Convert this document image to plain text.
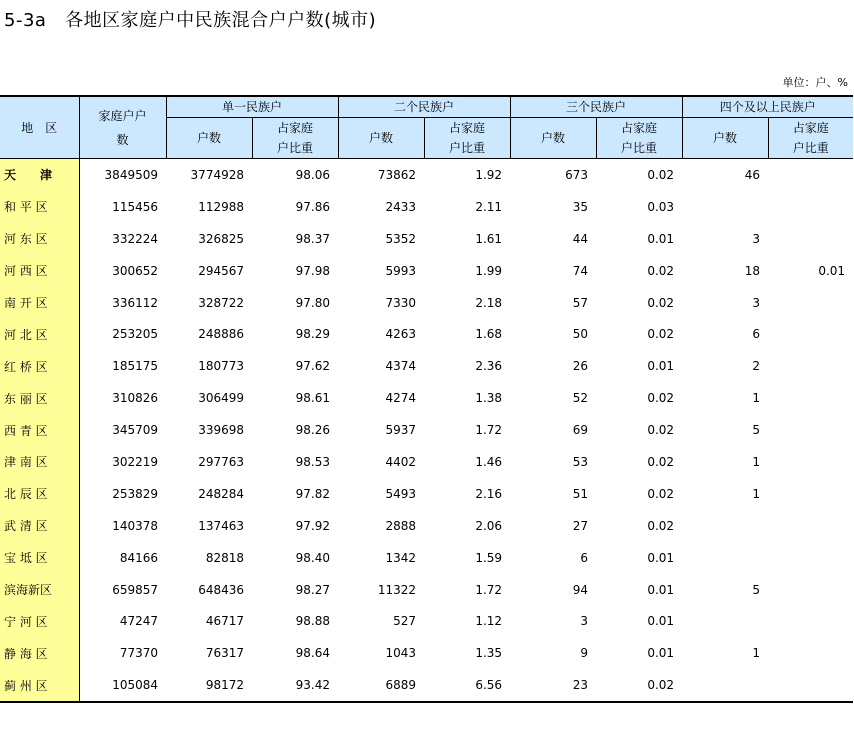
5-3a   各地区家庭户中民族混合户户数(城市)
单位：户、%
地　区	家庭户户　数	单一民族户		二个民族户		三个民族户		四个及以上民族户	
		户数	占家庭户比重	户数	占家庭户比重	户数	占家庭户比重	户数	占家庭户比重
天　　津	3849509	3774928	98.06	73862	1.92	673	0.02	46	
和 平 区	115456	112988	97.86	2433	2.11	35	0.03		
河 东 区	332224	326825	98.37	5352	1.61	44	0.01	3	
河 西 区	300652	294567	97.98	5993	1.99	74	0.02	18	0.01
南 开 区	336112	328722	97.80	7330	2.18	57	0.02	3	
河 北 区	253205	248886	98.29	4263	1.68	50	0.02	6	
红 桥 区	185175	180773	97.62	4374	2.36	26	0.01	2	
东 丽 区	310826	306499	98.61	4274	1.38	52	0.02	1	
西 青 区	345709	339698	98.26	5937	1.72	69	0.02	5	
津 南 区	302219	297763	98.53	4402	1.46	53	0.02	1	
北 辰 区	253829	248284	97.82	5493	2.16	51	0.02	1	
武 清 区	140378	137463	97.92	2888	2.06	27	0.02		
宝 坻 区	84166	82818	98.40	1342	1.59	6	0.01		
滨海新区	659857	648436	98.27	11322	1.72	94	0.01	5	
宁 河 区	47247	46717	98.88	527	1.12	3	0.01		
静 海 区	77370	76317	98.64	1043	1.35	9	0.01	1	
蓟 州 区	105084	98172	93.42	6889	6.56	23	0.02		
